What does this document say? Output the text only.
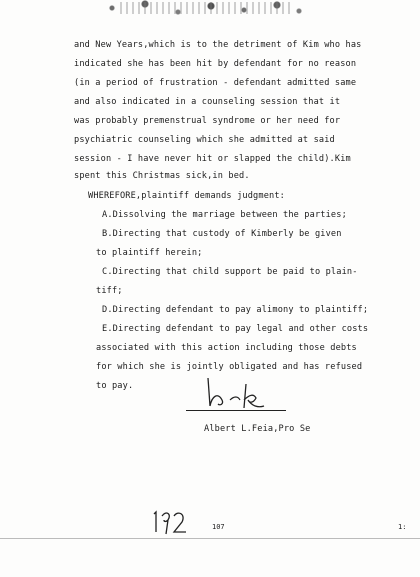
and New Years,which is to the detriment of Kim who has
indicated she has been hit by defendant for no reason
(in a period of frustration - defendant admitted same
and also indicated in a counseling session that it
was probably premenstrual syndrome or her need for
psychiatric counseling which she admitted at said
session - I have never hit or slapped the child).Kim
spent this Christmas sick,in bed.
WHEREFORE,plaintiff demands judgment:
A.Dissolving the marriage between the parties;
B.Directing that custody of Kimberly be given
to plaintiff herein;
C.Directing that child support be paid to plain-
tiff;
D.Directing defendant to pay alimony to plaintiff;
E.Directing defendant to pay legal and other costs
associated with this action including those debts
for which she is jointly obligated and has refused
to pay.
Albert L.Feia,Pro Se
107	1:
